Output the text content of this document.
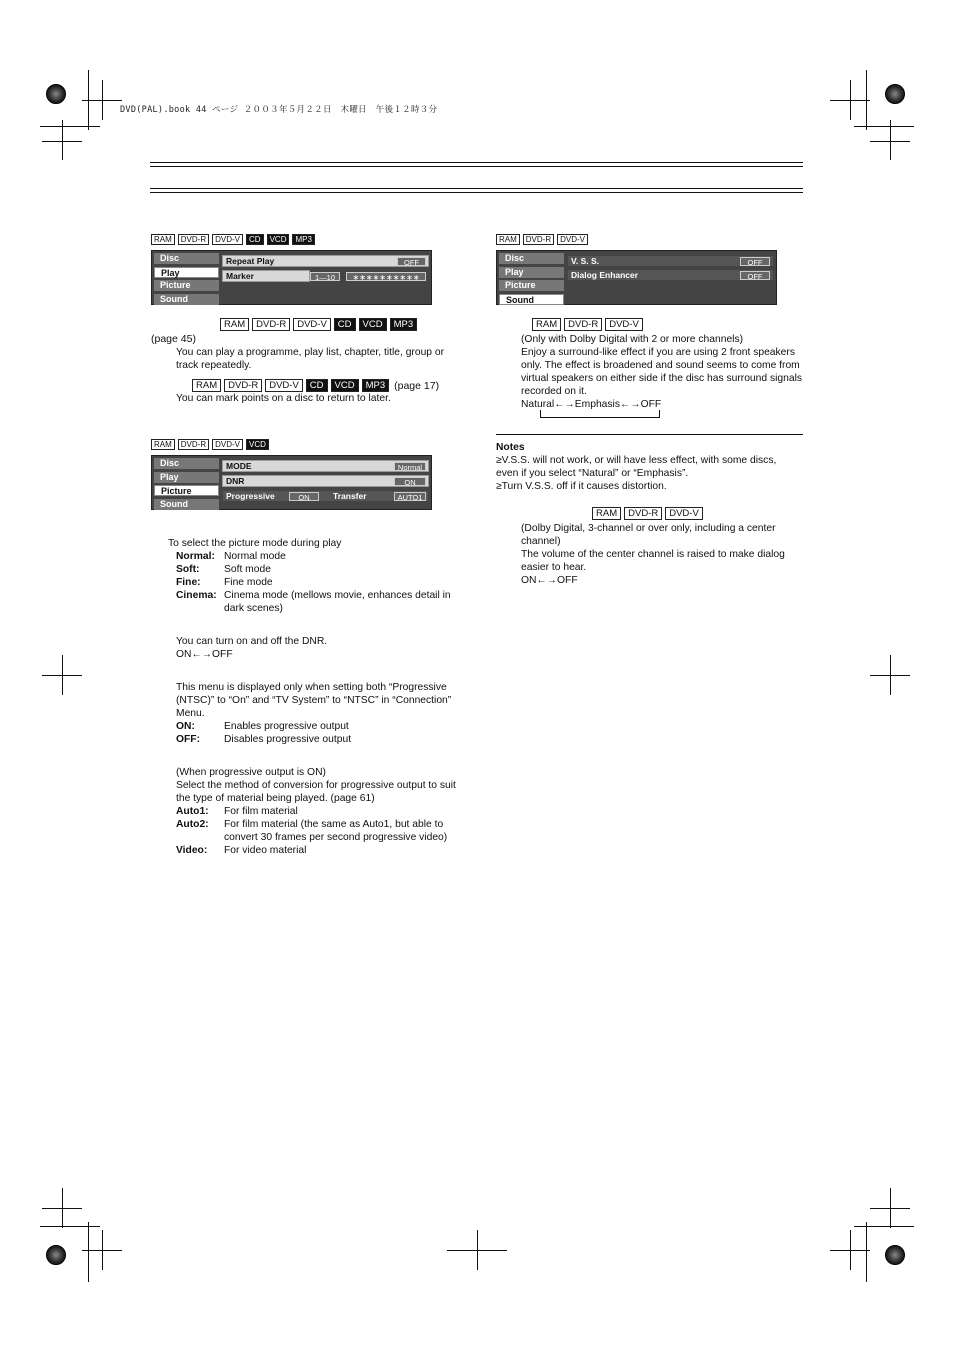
DVD(PAL).book 44 ページ ２００３年５月２２日　木曜日　午後１２時３分
RAM	DVD-R	DVD-V	CD	VCD	MP3
Disc
Play
Picture
Sound
Repeat Play	OFF
Marker	1—10	∗∗∗∗∗∗∗∗∗∗
RAM	DVD-R	DVD-V	CD	VCD	MP3
(page 45)
You can play a programme, play list, chapter, title, group or track repeatedly.
RAM	DVD-R	DVD-V	CD	VCD	MP3 (page 17)
You can mark points on a disc to return to later.
RAM	DVD-R	DVD-V	VCD
Disc
Play
Picture
Sound
MODE	Normal
DNR	ON
Progressive	Transfer
ON	AUTO1
To select the picture mode during play
Normal: Normal mode
Soft:	Soft mode
Fine:	Fine mode
Cinema: Cinema mode (mellows movie, enhances detail in dark scenes)
You can turn on and off the DNR.
ON←→OFF
This menu is displayed only when setting both “Progressive (NTSC)” to “On” and “TV System” to “NTSC” in “Connection” Menu.
ON:	Enables progressive output
OFF:	Disables progressive output
(When progressive output is ON)
Select the method of conversion for progressive output to suit the type of material being played. (page 61)
Auto1:	For film material
Auto2:	For film material (the same as Auto1, but able to convert 30 frames per second progressive video)
Video:	For video material
RAM	DVD-R	DVD-V
Disc
Play
Picture
Sound
V. S. S.	OFF
Dialog Enhancer	OFF
RAM	DVD-R	DVD-V
(Only with Dolby Digital with 2 or more channels)
Enjoy a surround-like effect if you are using 2 front speakers only. The effect is broadened and sound seems to come from virtual speakers on either side if the disc has surround signals recorded on it.
Natural←→Emphasis←→OFF
Notes
≥V.S.S. will not work, or will have less effect, with some discs, even if you select “Natural” or “Emphasis”.
≥Turn V.S.S. off if it causes distortion.
RAM	DVD-R	DVD-V
(Dolby Digital, 3-channel or over only, including a center channel)
The volume of the center channel is raised to make dialog easier to hear.
ON←→OFF
